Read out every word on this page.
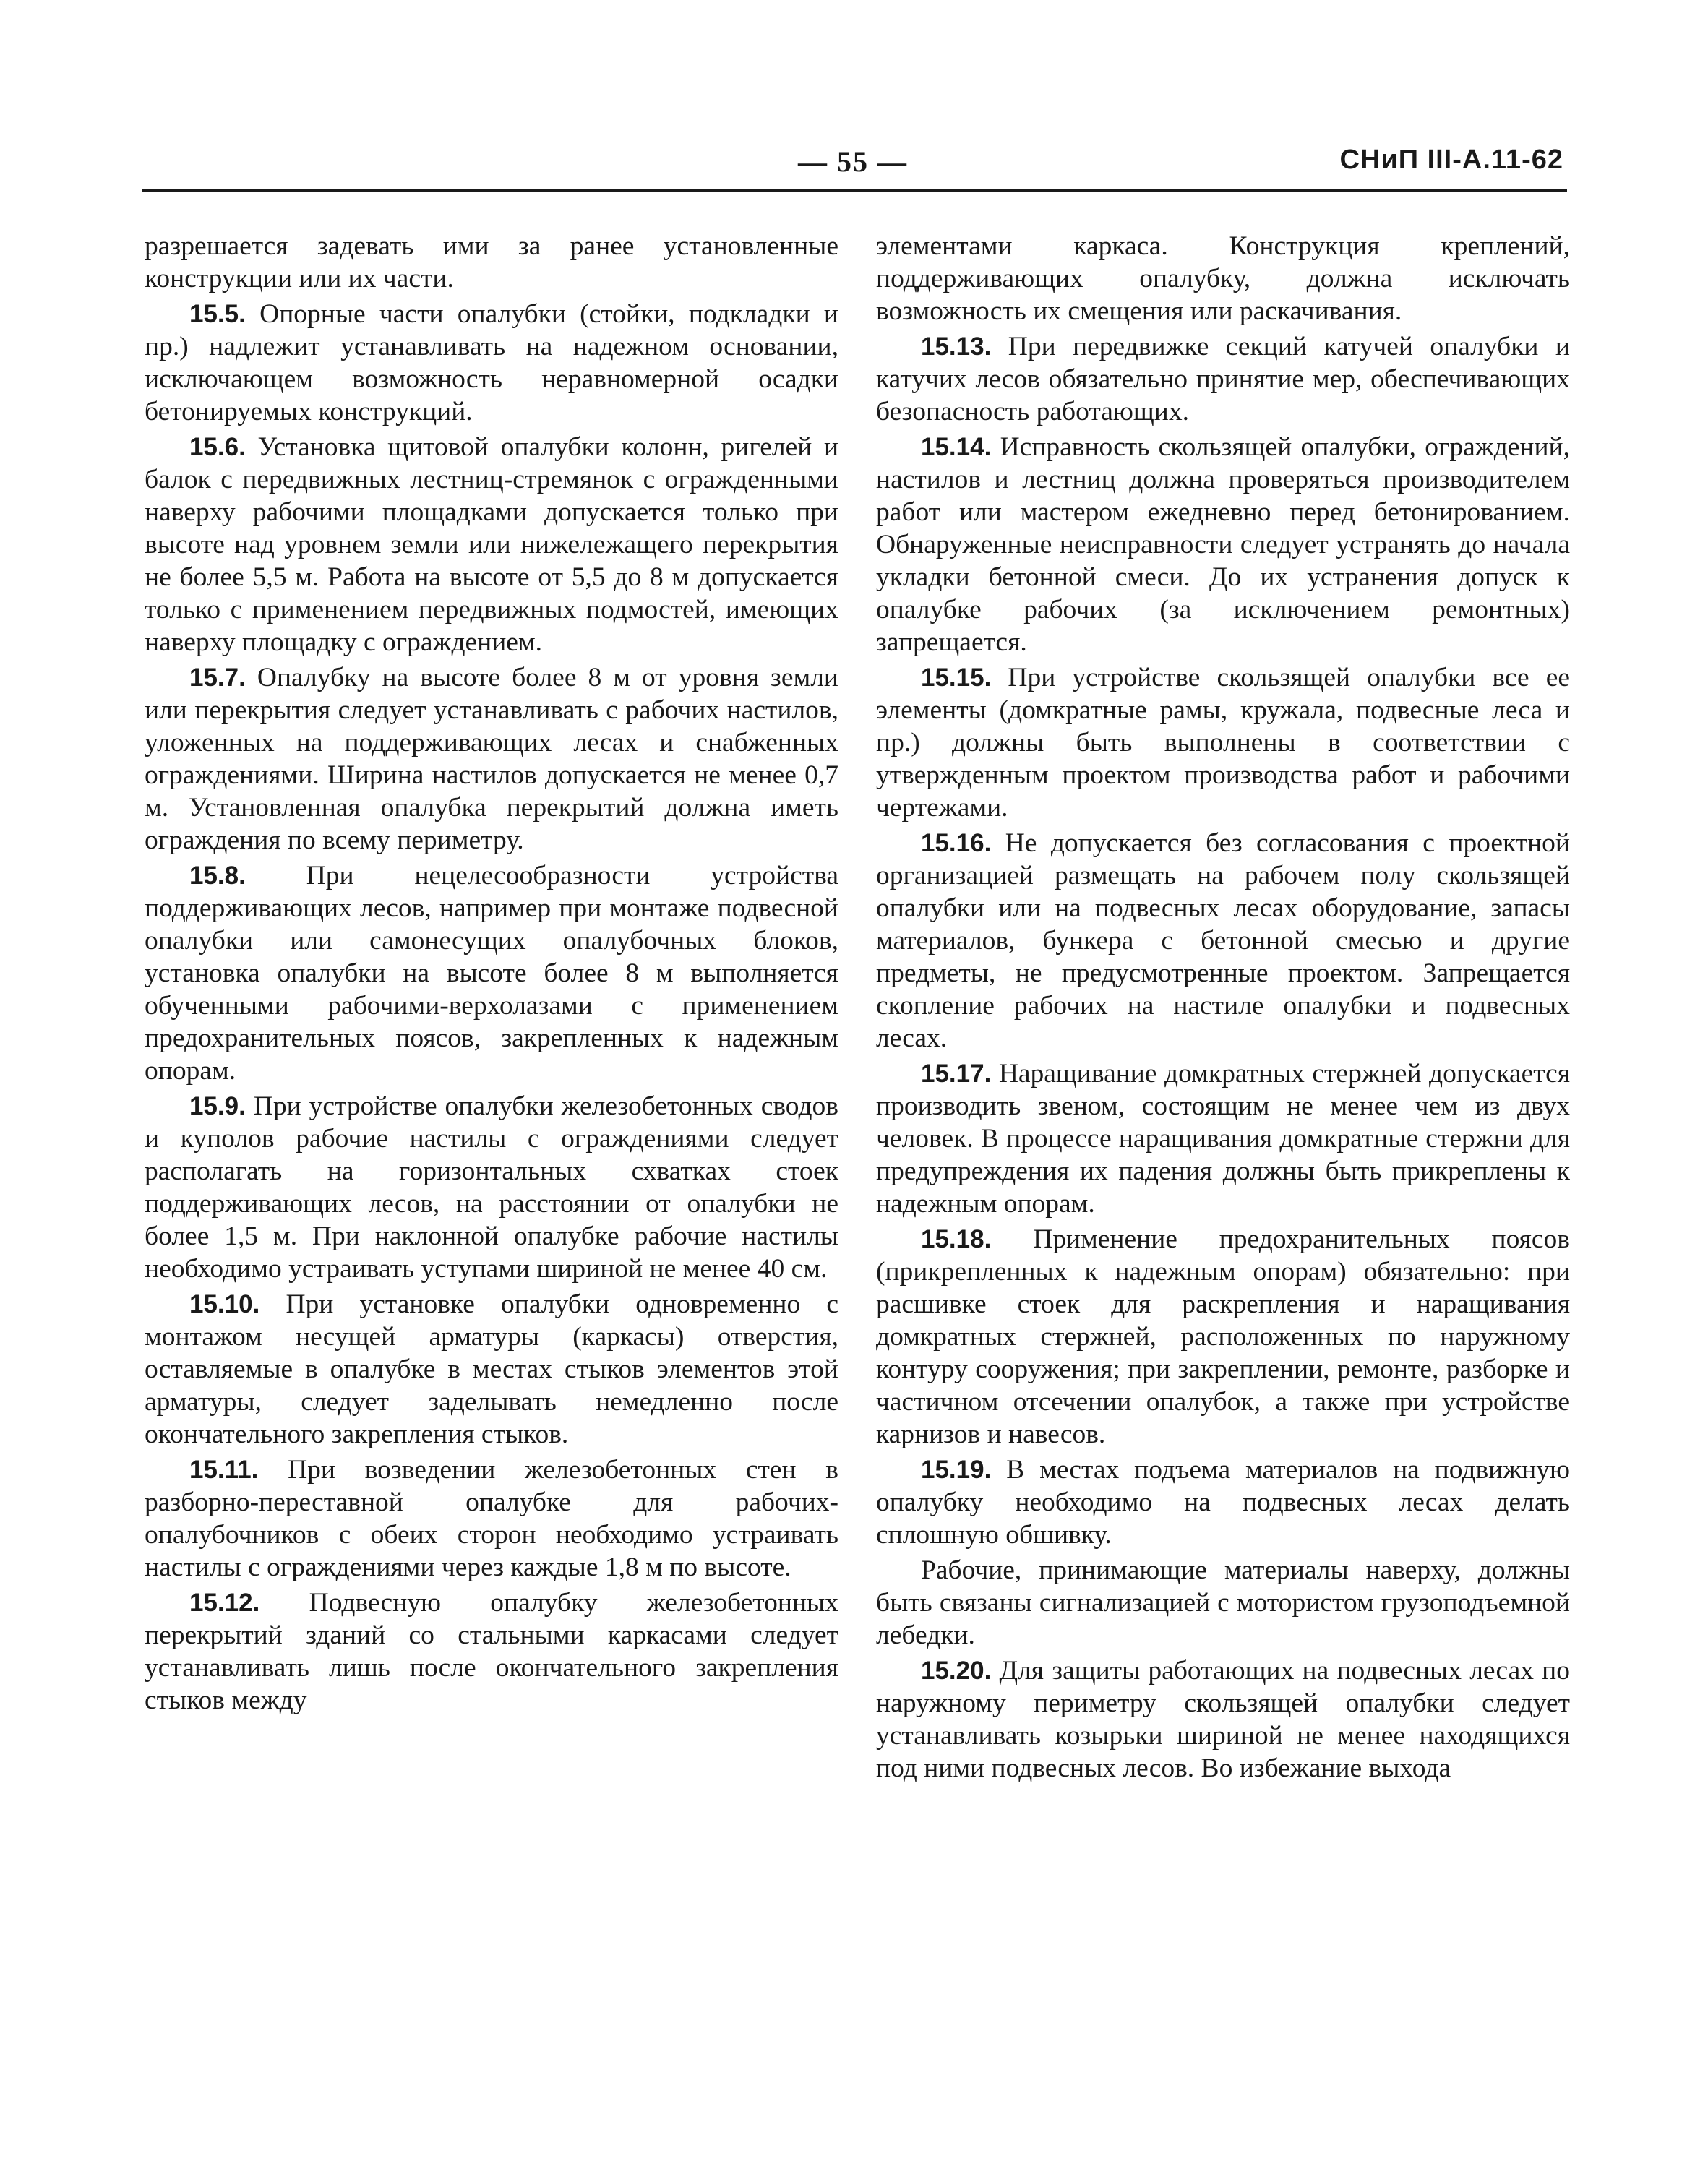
— 55 —	СНиП III-А.11-62

разрешается задевать ими за ранее установленные конструкции или их части.

15.5. Опорные части опалубки (стойки, подкладки и пр.) надлежит устанавливать на надежном основании, исключающем возможность неравномерной осадки бетонируемых конструкций.

15.6. Установка щитовой опалубки колонн, ригелей и балок с передвижных лестниц-стремянок с огражденными наверху рабочими площадками допускается только при высоте над уровнем земли или нижележащего перекрытия не более 5,5 м. Работа на высоте от 5,5 до 8 м допускается только с применением передвижных подмостей, имеющих наверху площадку с ограждением.

15.7. Опалубку на высоте более 8 м от уровня земли или перекрытия следует устанавливать с рабочих настилов, уложенных на поддерживающих лесах и снабженных ограждениями. Ширина настилов допускается не менее 0,7 м. Установленная опалубка перекрытий должна иметь ограждения по всему периметру.

15.8. При нецелесообразности устройства поддерживающих лесов, например при монтаже подвесной опалубки или самонесущих опалубочных блоков, установка опалубки на высоте более 8 м выполняется обученными рабочими-верхолазами с применением предохранительных поясов, закрепленных к надежным опорам.

15.9. При устройстве опалубки железобетонных сводов и куполов рабочие настилы с ограждениями следует располагать на горизонтальных схватках стоек поддерживающих лесов, на расстоянии от опалубки не более 1,5 м. При наклонной опалубке рабочие настилы необходимо устраивать уступами шириной не менее 40 см.

15.10. При установке опалубки одновременно с монтажом несущей арматуры (каркасы) отверстия, оставляемые в опалубке в местах стыков элементов этой арматуры, следует заделывать немедленно после окончательного закрепления стыков.

15.11. При возведении железобетонных стен в разборно-переставной опалубке для рабочих-опалубочников с обеих сторон необходимо устраивать настилы с ограждениями через каждые 1,8 м по высоте.

15.12. Подвесную опалубку железобетонных перекрытий зданий со стальными каркасами следует устанавливать лишь после окончательного закрепления стыков между

элементами каркаса. Конструкция креплений, поддерживающих опалубку, должна исключать возможность их смещения или раскачивания.

15.13. При передвижке секций катучей опалубки и катучих лесов обязательно принятие мер, обеспечивающих безопасность работающих.

15.14. Исправность скользящей опалубки, ограждений, настилов и лестниц должна проверяться производителем работ или мастером ежедневно перед бетонированием. Обнаруженные неисправности следует устранять до начала укладки бетонной смеси. До их устранения допуск к опалубке рабочих (за исключением ремонтных) запрещается.

15.15. При устройстве скользящей опалубки все ее элементы (домкратные рамы, кружала, подвесные леса и пр.) должны быть выполнены в соответствии с утвержденным проектом производства работ и рабочими чертежами.

15.16. Не допускается без согласования с проектной организацией размещать на рабочем полу скользящей опалубки или на подвесных лесах оборудование, запасы материалов, бункера с бетонной смесью и другие предметы, не предусмотренные проектом. Запрещается скопление рабочих на настиле опалубки и подвесных лесах.

15.17. Наращивание домкратных стержней допускается производить звеном, состоящим не менее чем из двух человек. В процессе наращивания домкратные стержни для предупреждения их падения должны быть прикреплены к надежным опорам.

15.18. Применение предохранительных поясов (прикрепленных к надежным опорам) обязательно: при расшивке стоек для раскрепления и наращивания домкратных стержней, расположенных по наружному контуру сооружения; при закреплении, ремонте, разборке и частичном отсечении опалубок, а также при устройстве карнизов и навесов.

15.19. В местах подъема материалов на подвижную опалубку необходимо на подвесных лесах делать сплошную обшивку.

Рабочие, принимающие материалы наверху, должны быть связаны сигнализацией с мотористом грузоподъемной лебедки.

15.20. Для защиты работающих на подвесных лесах по наружному периметру скользящей опалубки следует устанавливать козырьки шириной не менее находящихся под ними подвесных лесов. Во избежание выхода
